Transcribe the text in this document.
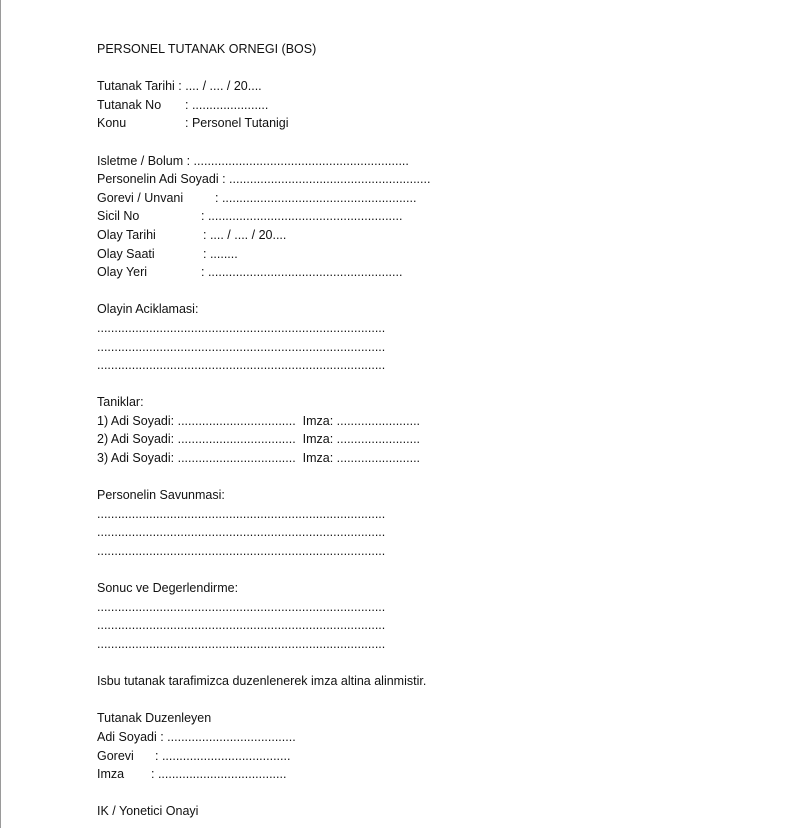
PERSONEL TUTANAK ORNEGI (BOS)
Tutanak Tarihi : .... / .... / 20....
Tutanak No : ......................
Konu	: Personel Tutanigi
Isletme / Bolum : ..............................................................
Personelin Adi Soyadi : ..........................................................
Gorevi / Unvani	: ........................................................
Sicil No	: ........................................................
Olay Tarihi	: .... / .... / 20....
Olay Saati	: ........
Olay Yeri	: ........................................................
Olayin Aciklamasi:
...................................................................................
...................................................................................
...................................................................................
Taniklar:
1) Adi Soyadi: ..................................  Imza: ........................
2) Adi Soyadi: ..................................  Imza: ........................
3) Adi Soyadi: ..................................  Imza: ........................
Personelin Savunmasi:
...................................................................................
...................................................................................
...................................................................................
Sonuc ve Degerlendirme:
...................................................................................
...................................................................................
...................................................................................
Isbu tutanak tarafimizca duzenlenerek imza altina alinmistir.
Tutanak Duzenleyen
Adi Soyadi : .....................................
Gorevi : .....................................
Imza : .....................................
IK / Yonetici Onayi
